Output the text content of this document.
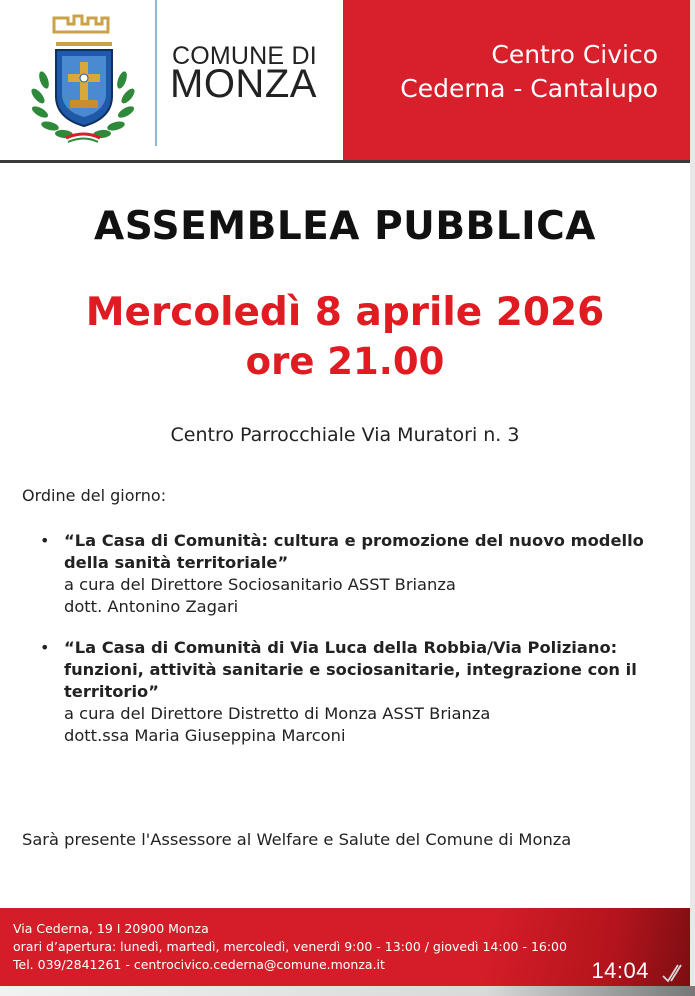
COMUNE DI
MONZA
Centro Civico
Cederna - Cantalupo
ASSEMBLEA PUBBLICA
Mercoledì 8 aprile 2026
ore 21.00
Centro Parrocchiale Via Muratori n. 3
Ordine del giorno:
• “La Casa di Comunità: cultura e promozione del nuovo modello della sanità territoriale”
a cura del Direttore Sociosanitario ASST Brianza
dott. Antonino Zagari
• “La Casa di Comunità di Via Luca della Robbia/Via Poliziano: funzioni, attività sanitarie e sociosanitarie, integrazione con il territorio”
a cura del Direttore Distretto di Monza ASST Brianza
dott.ssa Maria Giuseppina Marconi
Sarà presente l'Assessore al Welfare e Salute del Comune di Monza
Via Cederna, 19 I 20900 Monza
orari d’apertura: lunedì, martedì, mercoledì, venerdì 9:00 - 13:00 / giovedì 14:00 - 16:00
Tel. 039/2841261 - centrocivico.cederna@comune.monza.it	14:04
